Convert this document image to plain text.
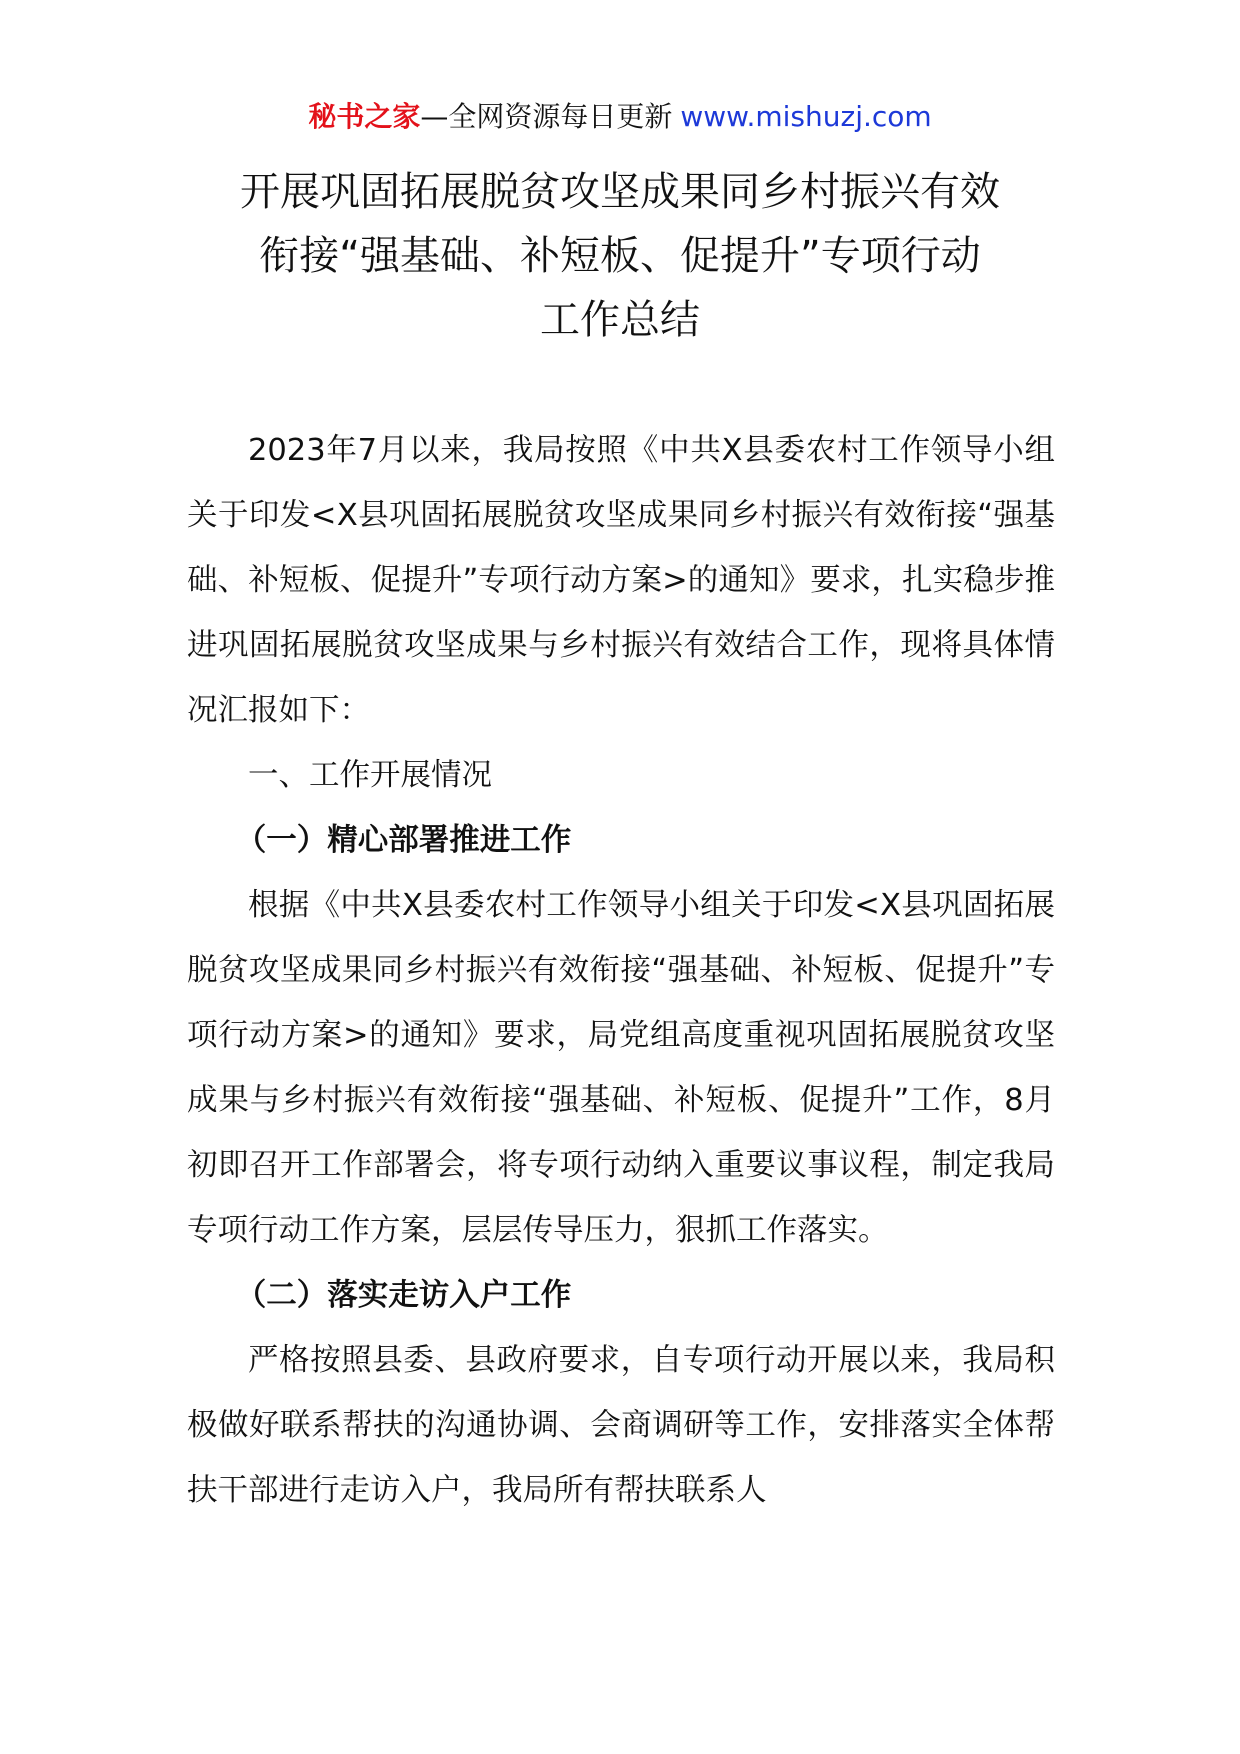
秘书之家—全网资源每日更新 www.mishuzj.com
开展巩固拓展脱贫攻坚成果同乡村振兴有效
衔接“强基础、补短板、促提升”专项行动
工作总结

2023年7月以来，我局按照《中共Ⅹ县委农村工作领导小组关于印发<Ⅹ县巩固拓展脱贫攻坚成果同乡村振兴有效衔接“强基础、补短板、促提升”专项行动方案>的通知》要求，扎实稳步推进巩固拓展脱贫攻坚成果与乡村振兴有效结合工作，现将具体情况汇报如下：

一、工作开展情况

（一）精心部署推进工作

根据《中共Ⅹ县委农村工作领导小组关于印发<Ⅹ县巩固拓展脱贫攻坚成果同乡村振兴有效衔接“强基础、补短板、促提升”专项行动方案>的通知》要求，局党组高度重视巩固拓展脱贫攻坚成果与乡村振兴有效衔接“强基础、补短板、促提升”工作，8月初即召开工作部署会，将专项行动纳入重要议事议程，制定我局专项行动工作方案，层层传导压力，狠抓工作落实。

（二）落实走访入户工作

严格按照县委、县政府要求，自专项行动开展以来，我局积极做好联系帮扶的沟通协调、会商调研等工作，安排落实全体帮扶干部进行走访入户，我局所有帮扶联系人
